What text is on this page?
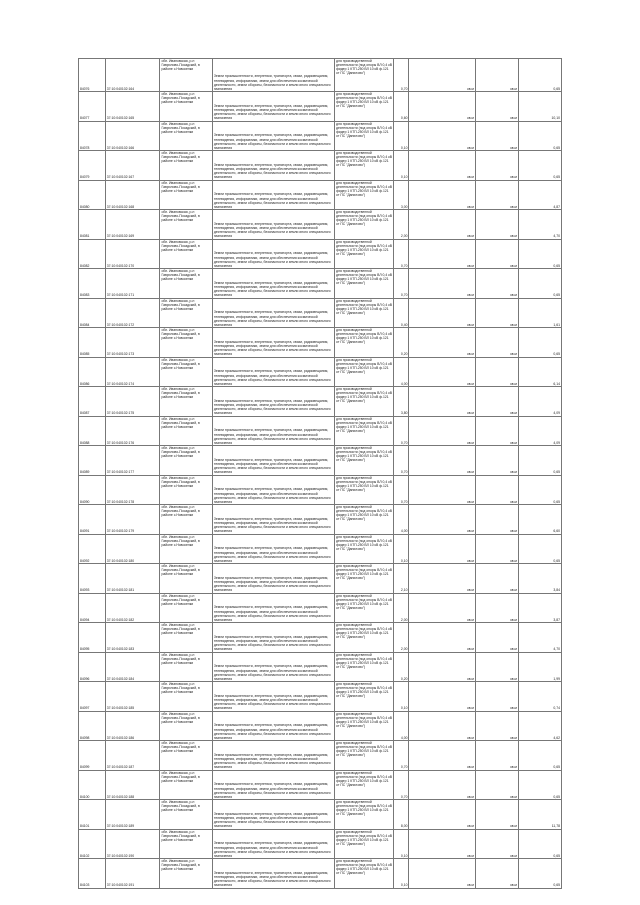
84076	37:10:040102:164	обл. Ивановская, р-н Гаврилово-Посадский, в районе с.Новоселки	Земли промышленности, энергетики, транспорта, связи, радиовещания, телевидения, информатики, земли для обеспечения космической деятельности, земли обороны, безопасности и земли иного специального назначения	для производственной деятельности (под опоры ВЛ 0,4 кВ фидер 1 КТП-250 ВЛ 10 кВ ф.121 от ПС "Данилово")	0,70	кв.м	кв.м	0,65
84077	37:10:040102:165	обл. Ивановская, р-н Гаврилово-Посадский, в районе с.Новоселки	Земли промышленности, энергетики, транспорта, связи, радиовещания, телевидения, информатики, земли для обеспечения космической деятельности, земли обороны, безопасности и земли иного специального назначения	для производственной деятельности (под опоры ВЛ 0,4 кВ фидер 1 КТП-250 ВЛ 10 кВ ф.121 от ПС "Данилово")	0,60	кв.м	кв.м	10,10
84078	37:10:040102:166	обл. Ивановская, р-н Гаврилово-Посадский, в районе с.Новоселки	Земли промышленности, энергетики, транспорта, связи, радиовещания, телевидения, информатики, земли для обеспечения космической деятельности, земли обороны, безопасности и земли иного специального назначения	для производственной деятельности (под опоры ВЛ 0,4 кВ фидер 1 КТП-250 ВЛ 10 кВ ф.121 от ПС "Данилово")	0,10	кв.м	кв.м	0,65
84079	37:10:040102:167	обл. Ивановская, р-н Гаврилово-Посадский, в районе с.Новоселки	Земли промышленности, энергетики, транспорта, связи, радиовещания, телевидения, информатики, земли для обеспечения космической деятельности, земли обороны, безопасности и земли иного специального назначения	для производственной деятельности (под опоры ВЛ 0,4 кВ фидер 1 КТП-250 ВЛ 10 кВ ф.121 от ПС "Данилово")	0,10	кв.м	кв.м	0,65
84080	37:10:040102:168	обл. Ивановская, р-н Гаврилово-Посадский, в районе с.Новоселки	Земли промышленности, энергетики, транспорта, связи, радиовещания, телевидения, информатики, земли для обеспечения космической деятельности, земли обороны, безопасности и земли иного специального назначения	для производственной деятельности (под опоры ВЛ 0,4 кВ фидер 1 КТП-250 ВЛ 10 кВ ф.121 от ПС "Данилово")	3,00	кв.м	кв.м	4,87
84081	37:10:040102:169	обл. Ивановская, р-н Гаврилово-Посадский, в районе с.Новоселки	Земли промышленности, энергетики, транспорта, связи, радиовещания, телевидения, информатики, земли для обеспечения космической деятельности, земли обороны, безопасности и земли иного специального назначения	для производственной деятельности (под опоры ВЛ 0,4 кВ фидер 1 КТП-250 ВЛ 10 кВ ф.121 от ПС "Данилово")	2,00	кв.м	кв.м	4,70
84082	37:10:040102:170	обл. Ивановская, р-н Гаврилово-Посадский, в районе с.Новоселки	Земли промышленности, энергетики, транспорта, связи, радиовещания, телевидения, информатики, земли для обеспечения космической деятельности, земли обороны, безопасности и земли иного специального назначения	для производственной деятельности (под опоры ВЛ 0,4 кВ фидер 1 КТП-250 ВЛ 10 кВ ф.121 от ПС "Данилово")	0,70	кв.м	кв.м	0,65
84083	37:10:040102:171	обл. Ивановская, р-н Гаврилово-Посадский, в районе с.Новоселки	Земли промышленности, энергетики, транспорта, связи, радиовещания, телевидения, информатики, земли для обеспечения космической деятельности, земли обороны, безопасности и земли иного специального назначения	для производственной деятельности (под опоры ВЛ 0,4 кВ фидер 1 КТП-250 ВЛ 10 кВ ф.121 от ПС "Данилово")	0,70	кв.м	кв.м	0,65
84084	37:10:040102:172	обл. Ивановская, р-н Гаврилово-Посадский, в районе с.Новоселки	Земли промышленности, энергетики, транспорта, связи, радиовещания, телевидения, информатики, земли для обеспечения космической деятельности, земли обороны, безопасности и земли иного специального назначения	для производственной деятельности (под опоры ВЛ 0,4 кВ фидер 1 КТП-250 ВЛ 10 кВ ф.121 от ПС "Данилово")	0,40	кв.м	кв.м	1,61
84085	37:10:040102:173	обл. Ивановская, р-н Гаврилово-Посадский, в районе с.Новоселки	Земли промышленности, энергетики, транспорта, связи, радиовещания, телевидения, информатики, земли для обеспечения космической деятельности, земли обороны, безопасности и земли иного специального назначения	для производственной деятельности (под опоры ВЛ 0,4 кВ фидер 1 КТП-250 ВЛ 10 кВ ф.121 от ПС "Данилово")	0,20	кв.м	кв.м	0,65
84086	37:10:040102:174	обл. Ивановская, р-н Гаврилово-Посадский, в районе с.Новоселки	Земли промышленности, энергетики, транспорта, связи, радиовещания, телевидения, информатики, земли для обеспечения космической деятельности, земли обороны, безопасности и земли иного специального назначения	для производственной деятельности (под опоры ВЛ 0,4 кВ фидер 1 КТП-250 ВЛ 10 кВ ф.121 от ПС "Данилово")	4,00	кв.м	кв.м	6,14
84087	37:10:040102:175	обл. Ивановская, р-н Гаврилово-Посадский, в районе с.Новоселки	Земли промышленности, энергетики, транспорта, связи, радиовещания, телевидения, информатики, земли для обеспечения космической деятельности, земли обороны, безопасности и земли иного специального назначения	для производственной деятельности (под опоры ВЛ 0,4 кВ фидер 1 КТП-250 ВЛ 10 кВ ф.121 от ПС "Данилово")	3,80	кв.м	кв.м	4,09
84088	37:10:040102:176	обл. Ивановская, р-н Гаврилово-Посадский, в районе с.Новоселки	Земли промышленности, энергетики, транспорта, связи, радиовещания, телевидения, информатики, земли для обеспечения космической деятельности, земли обороны, безопасности и земли иного специального назначения	для производственной деятельности (под опоры ВЛ 0,4 кВ фидер 1 КТП-250 ВЛ 10 кВ ф.121 от ПС "Данилово")	0,70	кв.м	кв.м	4,09
84089	37:10:040102:177	обл. Ивановская, р-н Гаврилово-Посадский, в районе с.Новоселки	Земли промышленности, энергетики, транспорта, связи, радиовещания, телевидения, информатики, земли для обеспечения космической деятельности, земли обороны, безопасности и земли иного специального назначения	для производственной деятельности (под опоры ВЛ 0,4 кВ фидер 1 КТП-250 ВЛ 10 кВ ф.121 от ПС "Данилово")	0,70	кв.м	кв.м	0,65
84090	37:10:040102:178	обл. Ивановская, р-н Гаврилово-Посадский, в районе с.Новоселки	Земли промышленности, энергетики, транспорта, связи, радиовещания, телевидения, информатики, земли для обеспечения космической деятельности, земли обороны, безопасности и земли иного специального назначения	для производственной деятельности (под опоры ВЛ 0,4 кВ фидер 1 КТП-250 ВЛ 10 кВ ф.121 от ПС "Данилово")	0,70	кв.м	кв.м	0,65
84091	37:10:040102:179	обл. Ивановская, р-н Гаврилово-Посадский, в районе с.Новоселки	Земли промышленности, энергетики, транспорта, связи, радиовещания, телевидения, информатики, земли для обеспечения космической деятельности, земли обороны, безопасности и земли иного специального назначения	для производственной деятельности (под опоры ВЛ 0,4 кВ фидер 1 КТП-250 ВЛ 10 кВ ф.121 от ПС "Данилово")	4,00	кв.м	кв.м	6,60
84092	37:10:040102:180	обл. Ивановская, р-н Гаврилово-Посадский, в районе с.Новоселки	Земли промышленности, энергетики, транспорта, связи, радиовещания, телевидения, информатики, земли для обеспечения космической деятельности, земли обороны, безопасности и земли иного специального назначения	для производственной деятельности (под опоры ВЛ 0,4 кВ фидер 1 КТП-250 ВЛ 10 кВ ф.121 от ПС "Данилово")	0,10	кв.м	кв.м	0,65
84093	37:10:040102:181	обл. Ивановская, р-н Гаврилово-Посадский, в районе с.Новоселки	Земли промышленности, энергетики, транспорта, связи, радиовещания, телевидения, информатики, земли для обеспечения космической деятельности, земли обороны, безопасности и земли иного специального назначения	для производственной деятельности (под опоры ВЛ 0,4 кВ фидер 1 КТП-250 ВЛ 10 кВ ф.121 от ПС "Данилово")	2,10	кв.м	кв.м	3,84
84094	37:10:040102:182	обл. Ивановская, р-н Гаврилово-Посадский, в районе с.Новоселки	Земли промышленности, энергетики, транспорта, связи, радиовещания, телевидения, информатики, земли для обеспечения космической деятельности, земли обороны, безопасности и земли иного специального назначения	для производственной деятельности (под опоры ВЛ 0,4 кВ фидер 1 КТП-250 ВЛ 10 кВ ф.121 от ПС "Данилово")	2,00	кв.м	кв.м	3,87
84095	37:10:040102:183	обл. Ивановская, р-н Гаврилово-Посадский, в районе с.Новоселки	Земли промышленности, энергетики, транспорта, связи, радиовещания, телевидения, информатики, земли для обеспечения космической деятельности, земли обороны, безопасности и земли иного специального назначения	для производственной деятельности (под опоры ВЛ 0,4 кВ фидер 1 КТП-250 ВЛ 10 кВ ф.121 от ПС "Данилово")	2,00	кв.м	кв.м	4,70
84096	37:10:040102:184	обл. Ивановская, р-н Гаврилово-Посадский, в районе с.Новоселки	Земли промышленности, энергетики, транспорта, связи, радиовещания, телевидения, информатики, земли для обеспечения космической деятельности, земли обороны, безопасности и земли иного специального назначения	для производственной деятельности (под опоры ВЛ 0,4 кВ фидер 1 КТП-250 ВЛ 10 кВ ф.121 от ПС "Данилово")	0,20	кв.м	кв.м	1,99
84097	37:10:040102:185	обл. Ивановская, р-н Гаврилово-Посадский, в районе с.Новоселки	Земли промышленности, энергетики, транспорта, связи, радиовещания, телевидения, информатики, земли для обеспечения космической деятельности, земли обороны, безопасности и земли иного специального назначения	для производственной деятельности (под опоры ВЛ 0,4 кВ фидер 1 КТП-250 ВЛ 10 кВ ф.121 от ПС "Данилово")	0,10	кв.м	кв.м	0,74
84098	37:10:040102:186	обл. Ивановская, р-н Гаврилово-Посадский, в районе с.Новоселки	Земли промышленности, энергетики, транспорта, связи, радиовещания, телевидения, информатики, земли для обеспечения космической деятельности, земли обороны, безопасности и земли иного специального назначения	для производственной деятельности (под опоры ВЛ 0,4 кВ фидер 1 КТП-250 ВЛ 10 кВ ф.121 от ПС "Данилово")	4,00	кв.м	кв.м	4,62
84099	37:10:040102:187	обл. Ивановская, р-н Гаврилово-Посадский, в районе с.Новоселки	Земли промышленности, энергетики, транспорта, связи, радиовещания, телевидения, информатики, земли для обеспечения космической деятельности, земли обороны, безопасности и земли иного специального назначения	для производственной деятельности (под опоры ВЛ 0,4 кВ фидер 1 КТП-250 ВЛ 10 кВ ф.121 от ПС "Данилово")	0,70	кв.м	кв.м	0,65
84100	37:10:040102:188	обл. Ивановская, р-н Гаврилово-Посадский, в районе с.Новоселки	Земли промышленности, энергетики, транспорта, связи, радиовещания, телевидения, информатики, земли для обеспечения космической деятельности, земли обороны, безопасности и земли иного специального назначения	для производственной деятельности (под опоры ВЛ 0,4 кВ фидер 1 КТП-250 ВЛ 10 кВ ф.121 от ПС "Данилово")	0,70	кв.м	кв.м	0,65
84101	37:10:040102:189	обл. Ивановская, р-н Гаврилово-Посадский, в районе с.Новоселки	Земли промышленности, энергетики, транспорта, связи, радиовещания, телевидения, информатики, земли для обеспечения космической деятельности, земли обороны, безопасности и земли иного специального назначения	для производственной деятельности (под опоры ВЛ 0,4 кВ фидер 1 КТП-250 ВЛ 10 кВ ф.121 от ПС "Данилово")	8,00	кв.м	кв.м	11,78
84102	37:10:040102:190	обл. Ивановская, р-н Гаврилово-Посадский, в районе с.Новоселки	Земли промышленности, энергетики, транспорта, связи, радиовещания, телевидения, информатики, земли для обеспечения космической деятельности, земли обороны, безопасности и земли иного специального назначения	для производственной деятельности (под опоры ВЛ 0,4 кВ фидер 1 КТП-250 ВЛ 10 кВ ф.121 от ПС "Данилово")	0,10	кв.м	кв.м	0,65
84103	37:10:040102:191	обл. Ивановская, р-н Гаврилово-Посадский, в районе с.Новоселки	Земли промышленности, энергетики, транспорта, связи, радиовещания, телевидения, информатики, земли для обеспечения космической деятельности, земли обороны, безопасности и земли иного специального назначения	для производственной деятельности (под опоры ВЛ 0,4 кВ фидер 1 КТП-250 ВЛ 10 кВ ф.121 от ПС "Данилово")	0,10	кв.м	кв.м	0,65
